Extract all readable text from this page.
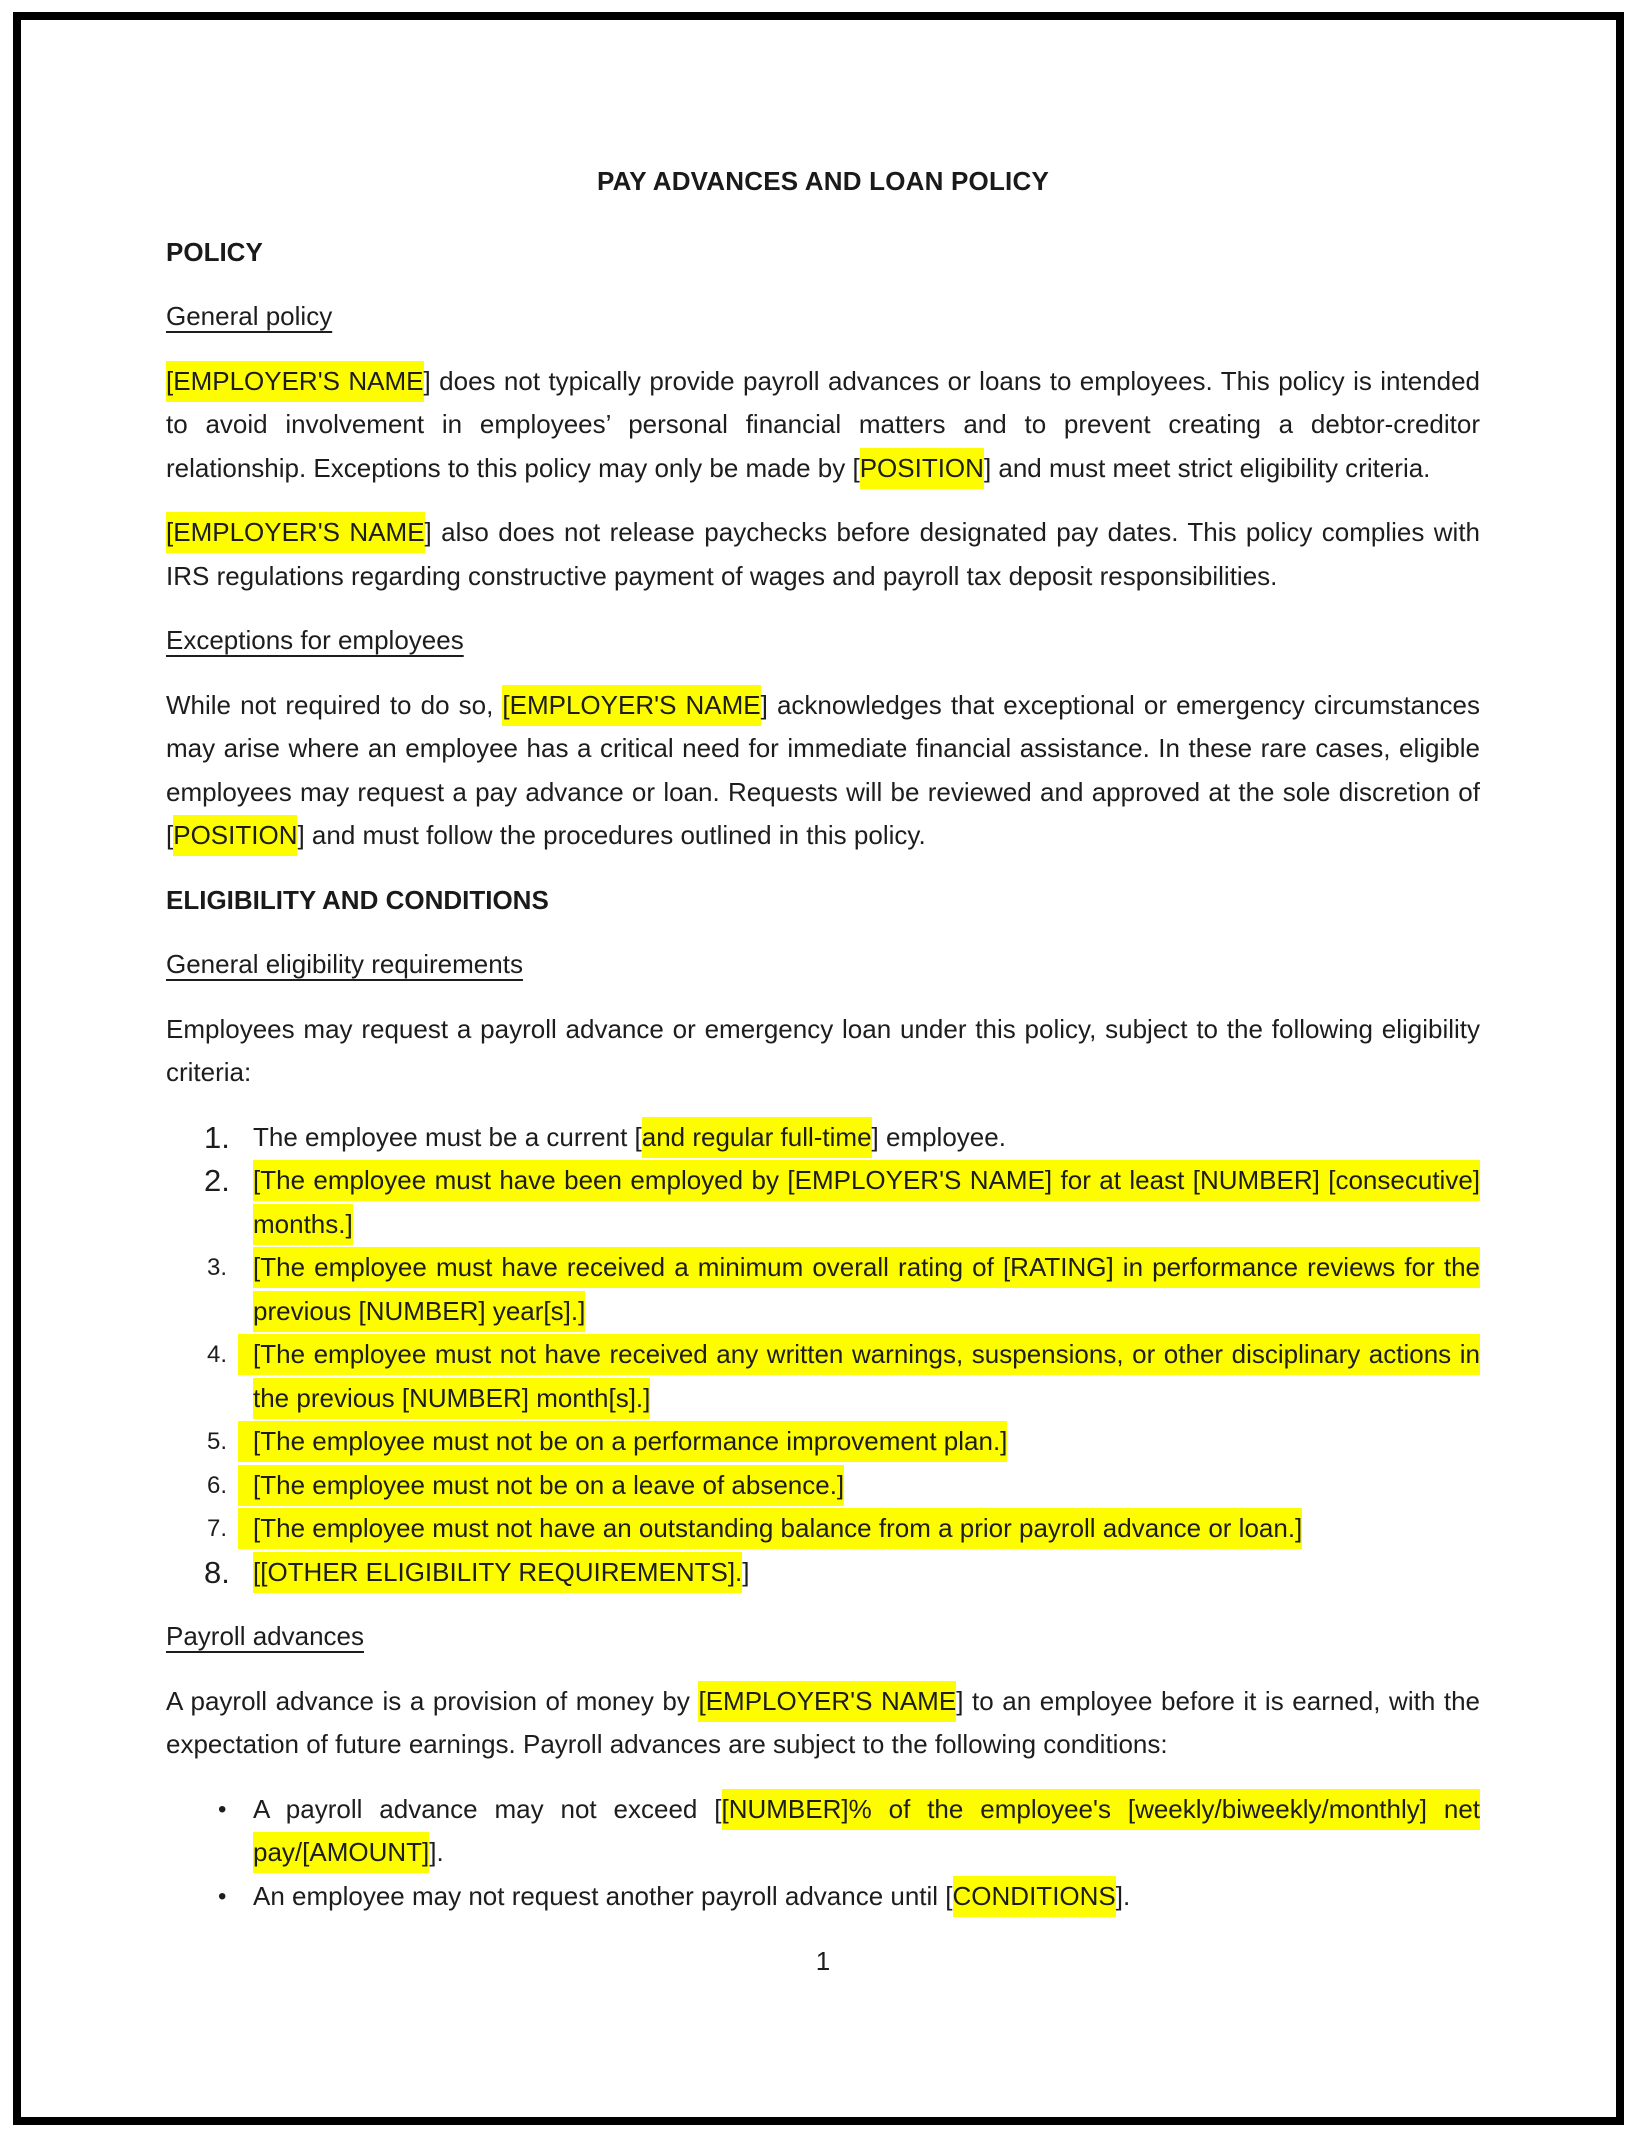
PAY ADVANCES AND LOAN POLICY
POLICY
General policy
[EMPLOYER'S NAME] does not typically provide payroll advances or loans to employees. This policy is intended to avoid involvement in employees’ personal financial matters and to prevent creating a debtor-creditor relationship. Exceptions to this policy may only be made by [POSITION] and must meet strict eligibility criteria.
[EMPLOYER'S NAME] also does not release paychecks before designated pay dates. This policy complies with IRS regulations regarding constructive payment of wages and payroll tax deposit responsibilities.
Exceptions for employees
While not required to do so, [EMPLOYER'S NAME] acknowledges that exceptional or emergency circumstances may arise where an employee has a critical need for immediate financial assistance. In these rare cases, eligible employees may request a pay advance or loan. Requests will be reviewed and approved at the sole discretion of [POSITION] and must follow the procedures outlined in this policy.
ELIGIBILITY AND CONDITIONS
General eligibility requirements
Employees may request a payroll advance or emergency loan under this policy, subject to the following eligibility criteria:
1. The employee must be a current [and regular full-time] employee.
2. [The employee must have been employed by [EMPLOYER'S NAME] for at least [NUMBER] [consecutive] months.]
3. [The employee must have received a minimum overall rating of [RATING] in performance reviews for the previous [NUMBER] year[s].]
4. [The employee must not have received any written warnings, suspensions, or other disciplinary actions in the previous [NUMBER] month[s].]
5. [The employee must not be on a performance improvement plan.]
6. [The employee must not be on a leave of absence.]
7. [The employee must not have an outstanding balance from a prior payroll advance or loan.]
8. [[OTHER ELIGIBILITY REQUIREMENTS].]
Payroll advances
A payroll advance is a provision of money by [EMPLOYER'S NAME] to an employee before it is earned, with the expectation of future earnings. Payroll advances are subject to the following conditions:
• A payroll advance may not exceed [[NUMBER]% of the employee's [weekly/biweekly/monthly] net pay/[AMOUNT]].
• An employee may not request another payroll advance until [CONDITIONS].
1
